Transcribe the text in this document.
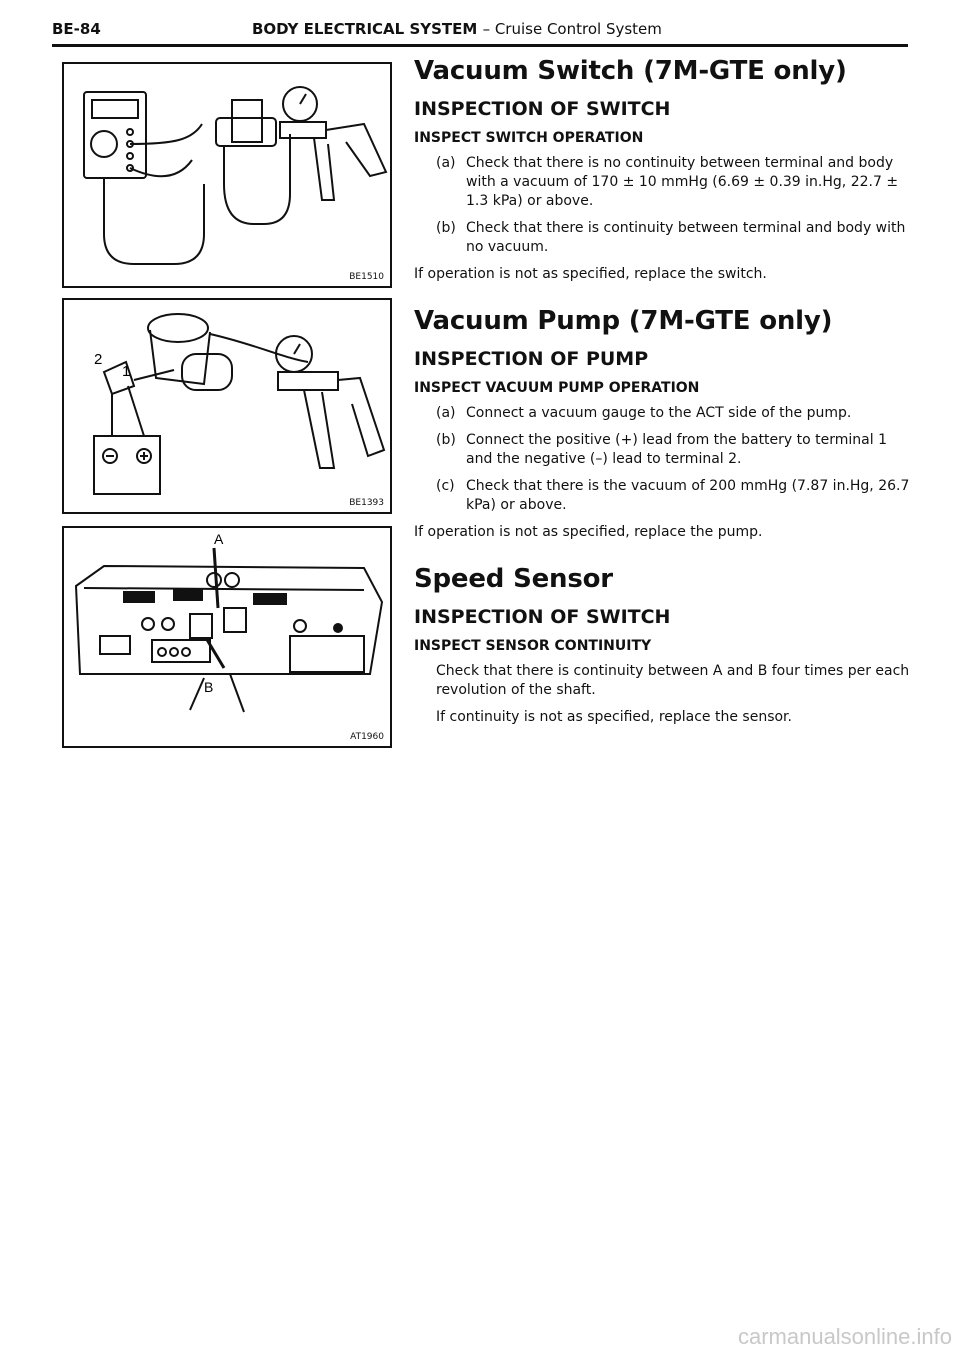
BE-84	BODY ELECTRICAL SYSTEM – Cruise Control System
BE1510
2
1
BE1393
A
B
AT1960
Vacuum Switch (7M-GTE only)
INSPECTION OF SWITCH
INSPECT SWITCH OPERATION
(a) Check that there is no continuity between terminal and body with a vacuum of 170 ± 10 mmHg (6.69 ± 0.39 in.Hg, 22.7 ± 1.3 kPa) or above.
(b) Check that there is continuity between terminal and body with no vacuum.
If operation is not as specified, replace the switch.
Vacuum Pump (7M-GTE only)
INSPECTION OF PUMP
INSPECT VACUUM PUMP OPERATION
(a) Connect a vacuum gauge to the ACT side of the pump.
(b) Connect the positive (+) lead from the battery to terminal 1 and the negative (–) lead to terminal 2.
(c) Check that there is the vacuum of 200 mmHg (7.87 in.Hg, 26.7 kPa) or above.
If operation is not as specified, replace the pump.
Speed Sensor
INSPECTION OF SWITCH
INSPECT SENSOR CONTINUITY
Check that there is continuity between A and B four times per each revolution of the shaft.
If continuity is not as specified, replace the sensor.
carmanualsonline.info
